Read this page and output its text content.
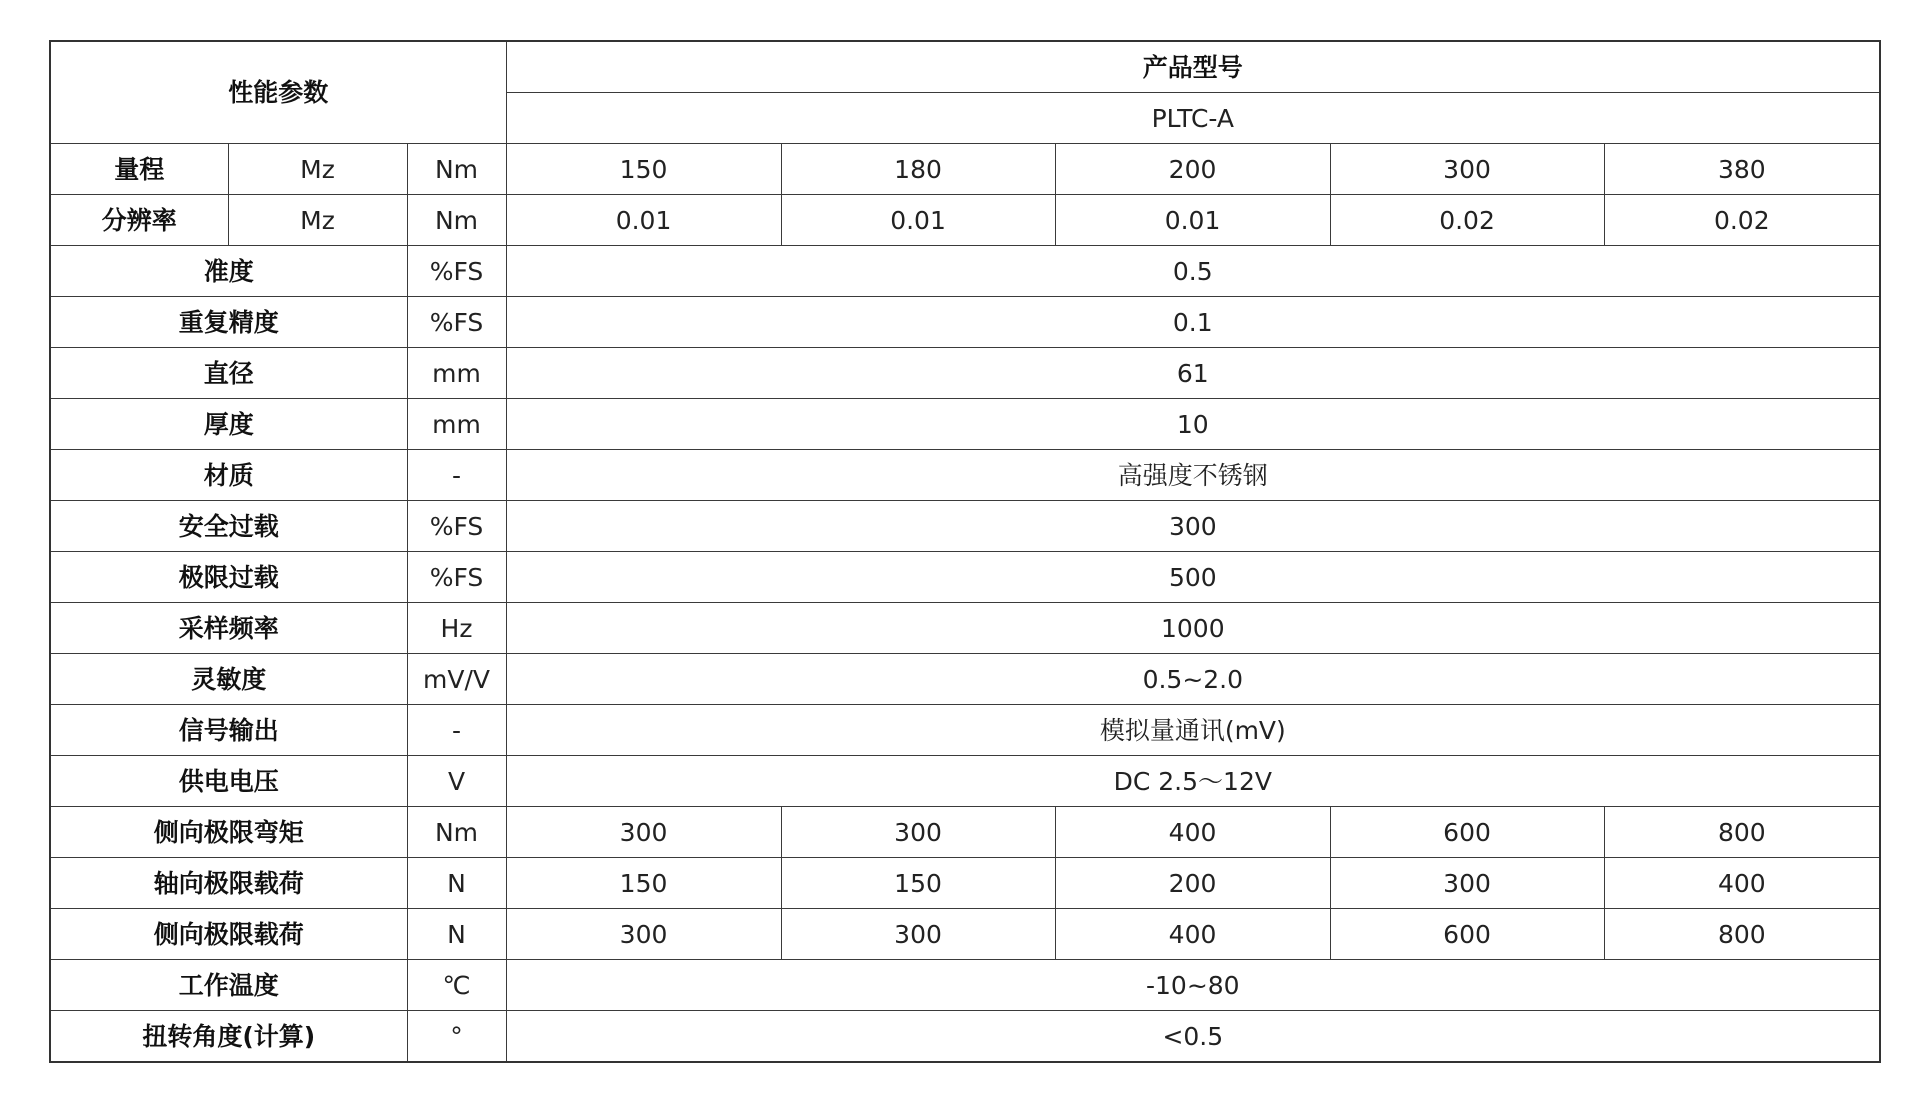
性能参数			产品型号				
			PLTC-A				
量程	Mz	Nm	150	180	200	300	380
分辨率	Mz	Nm	0.01	0.01	0.01	0.02	0.02
准度		%FS	0.5				
重复精度		%FS	0.1				
直径		mm	61				
厚度		mm	10				
材质		-	高强度不锈钢				
安全过载		%FS	300				
极限过载		%FS	500				
采样频率		Hz	1000				
灵敏度		mV/V	0.5~2.0				
信号输出		-	模拟量通讯(mV)				
供电电压		V	DC 2.5～12V				
侧向极限弯矩		Nm	300	300	400	600	800
轴向极限载荷		N	150	150	200	300	400
侧向极限载荷		N	300	300	400	600	800
工作温度		℃	-10~80				
扭转角度(计算)		°	<0.5				
